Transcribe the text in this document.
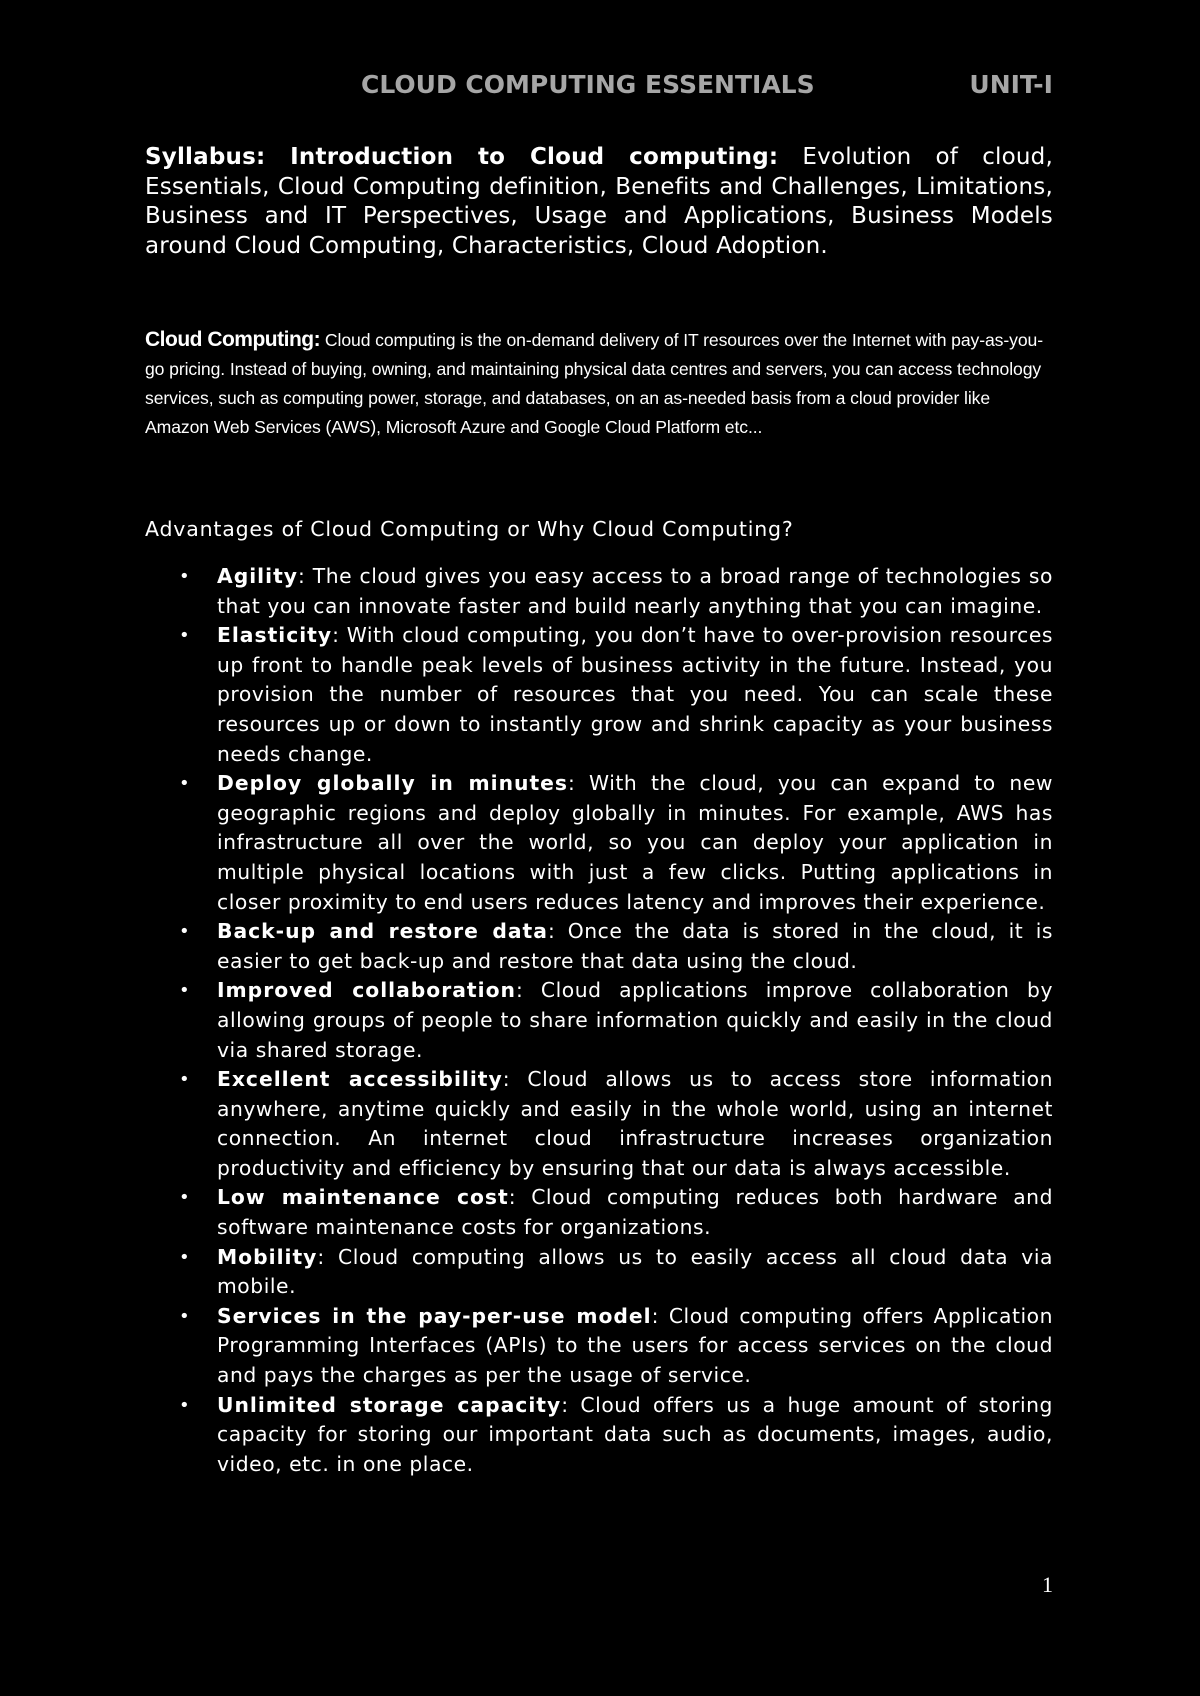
CLOUD COMPUTING ESSENTIALS	UNIT-I
Syllabus: Introduction to Cloud computing: Evolution of cloud, Essentials, Cloud Computing definition, Benefits and Challenges, Limitations, Business and IT Perspectives, Usage and Applications, Business Models around Cloud Computing, Characteristics, Cloud Adoption.
Cloud Computing: Cloud computing is the on-demand delivery of IT resources over the Internet with pay-as-you-go pricing. Instead of buying, owning, and maintaining physical data centres and servers, you can access technology services, such as computing power, storage, and databases, on an as-needed basis from a cloud provider like Amazon Web Services (AWS), Microsoft Azure and Google Cloud Platform etc...
Advantages of Cloud Computing or Why Cloud Computing?
• Agility: The cloud gives you easy access to a broad range of technologies so that you can innovate faster and build nearly anything that you can imagine.
• Elasticity: With cloud computing, you don’t have to over-provision resources up front to handle peak levels of business activity in the future. Instead, you provision the number of resources that you need. You can scale these resources up or down to instantly grow and shrink capacity as your business needs change.
• Deploy globally in minutes: With the cloud, you can expand to new geographic regions and deploy globally in minutes. For example, AWS has infrastructure all over the world, so you can deploy your application in multiple physical locations with just a few clicks. Putting applications in closer proximity to end users reduces latency and improves their experience.
• Back-up and restore data: Once the data is stored in the cloud, it is easier to get back-up and restore that data using the cloud.
• Improved collaboration: Cloud applications improve collaboration by allowing groups of people to share information quickly and easily in the cloud via shared storage.
• Excellent accessibility: Cloud allows us to access store information anywhere, anytime quickly and easily in the whole world, using an internet connection. An internet cloud infrastructure increases organization productivity and efficiency by ensuring that our data is always accessible.
• Low maintenance cost: Cloud computing reduces both hardware and software maintenance costs for organizations.
• Mobility: Cloud computing allows us to easily access all cloud data via mobile.
• Services in the pay-per-use model: Cloud computing offers Application Programming Interfaces (APIs) to the users for access services on the cloud and pays the charges as per the usage of service.
• Unlimited storage capacity: Cloud offers us a huge amount of storing capacity for storing our important data such as documents, images, audio, video, etc. in one place.
1
